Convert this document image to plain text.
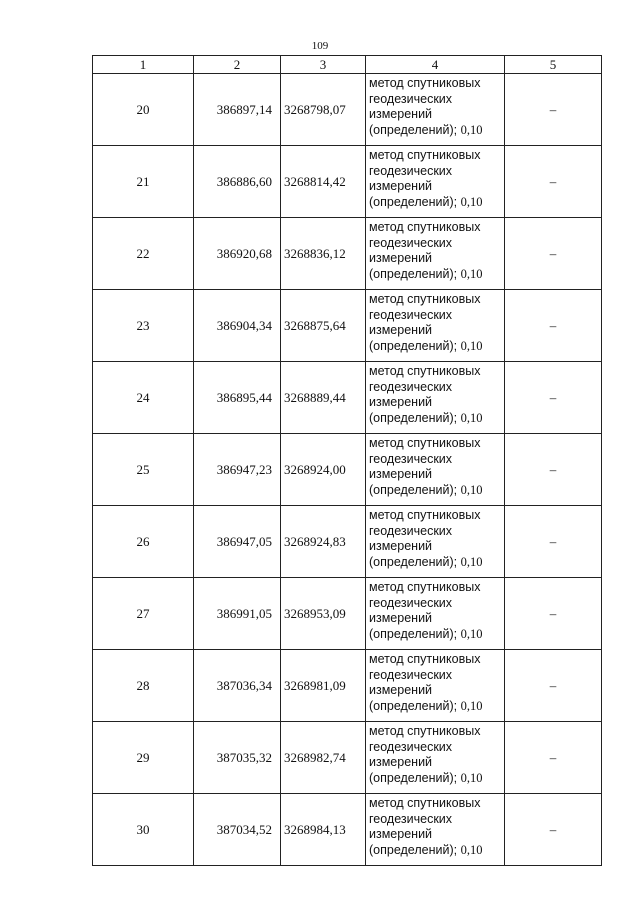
109
1	2	3	4	5
20	386897,14	3268798,07	метод спутниковых геодезических измерений (определений); 0,10	–
21	386886,60	3268814,42	метод спутниковых геодезических измерений (определений); 0,10	–
22	386920,68	3268836,12	метод спутниковых геодезических измерений (определений); 0,10	–
23	386904,34	3268875,64	метод спутниковых геодезических измерений (определений); 0,10	–
24	386895,44	3268889,44	метод спутниковых геодезических измерений (определений); 0,10	–
25	386947,23	3268924,00	метод спутниковых геодезических измерений (определений); 0,10	–
26	386947,05	3268924,83	метод спутниковых геодезических измерений (определений); 0,10	–
27	386991,05	3268953,09	метод спутниковых геодезических измерений (определений); 0,10	–
28	387036,34	3268981,09	метод спутниковых геодезических измерений (определений); 0,10	–
29	387035,32	3268982,74	метод спутниковых геодезических измерений (определений); 0,10	–
30	387034,52	3268984,13	метод спутниковых геодезических измерений (определений); 0,10	–
